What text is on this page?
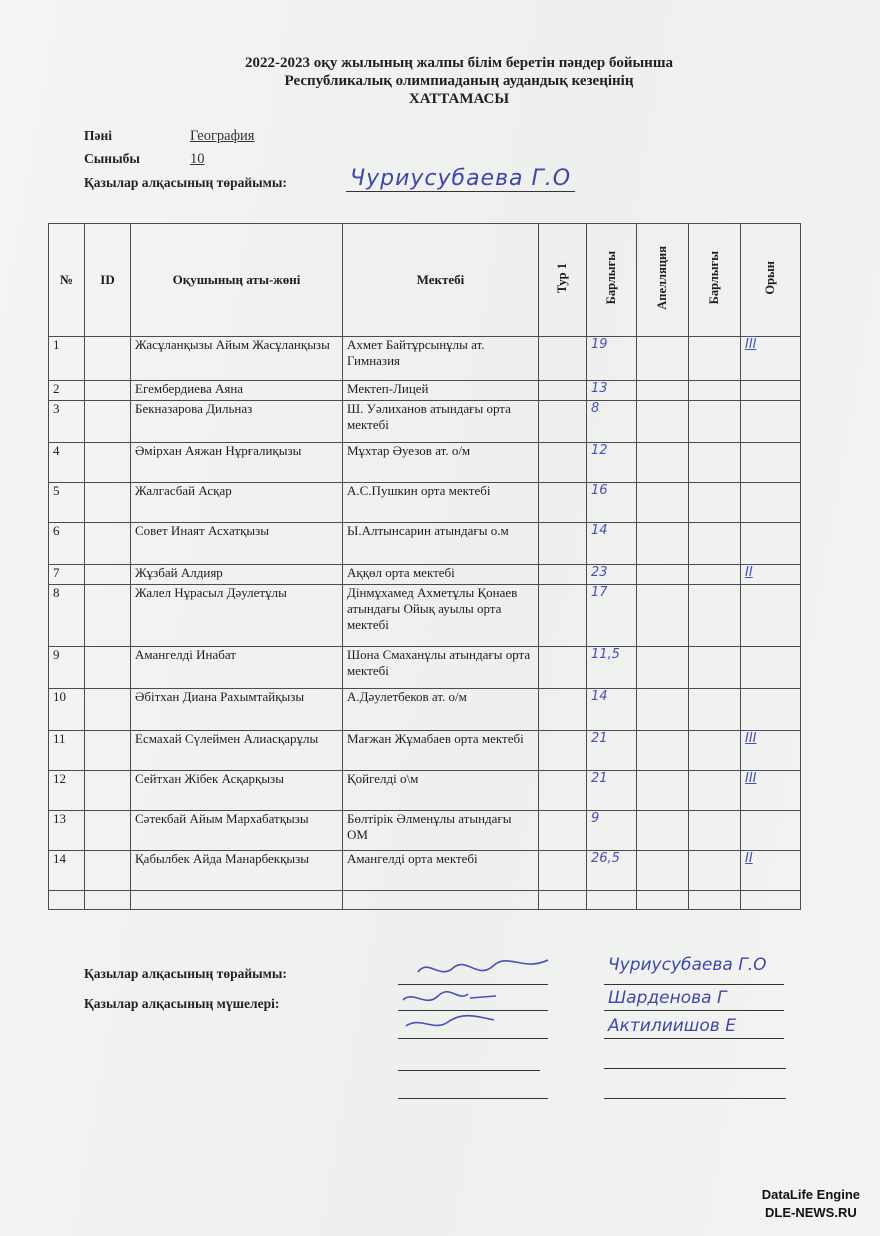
2022-2023 оқу жылының жалпы білім беретін пәндер бойынша
Республикалық олимпиаданың аудандық кезеңінің
ХАТТАМАСЫ
Пәні	География
Сыныбы	10
Қазылар алқасының төрайымы:	Чуриусубаева Г.О
№	ID	Оқушының аты-жөні	Мектебі	Тур 1	Барлығы	Апелляция	Барлығы	Орын
1		Жасұланқызы Айым Жасұланқызы	Ахмет Байтұрсынұлы ат. Гимназия		19			III
2		Егембердиева Аяна	Мектеп-Лицей		13			
3		Бекназарова Дильназ	Ш. Уәлиханов атындағы орта мектебі		8			
4		Әмірхан Аяжан Нұрғалиқызы	Мұхтар Әуезов ат. о/м		12			
5		Жалгасбай Асқар	А.С.Пушкин орта мектебі		16			
6		Совет Инаят Асхатқызы	Ы.Алтынсарин атындағы о.м		14			
7		Жұзбай Алдияр	Аққөл орта мектебі		23			II
8		Жалел Нұрасыл Дәулетұлы	Дінмұхамед Ахметұлы Қонаев атындағы Ойық ауылы орта мектебі		17			
9		Амангелді Инабат	Шона Смаханұлы атындағы орта мектебі		11,5			
10		Әбітхан Диана Рахымтайқызы	А.Дәулетбеков ат. о/м		14			
11		Есмахай Сүлеймен Алиасқарұлы	Мағжан Жұмабаев орта мектебі		21			III
12		Сейтхан Жібек Асқарқызы	Қойгелді о\м		21			III
13		Сәтекбай Айым Мархабатқызы	Бөлтірік Әлменұлы атындағы ОМ		9			
14		Қабылбек Айда Манарбекқызы	Амангелді орта мектебі		26,5			II

Қазылар алқасының төрайымы:
Қазылар алқасының мүшелері:
Чуриусубаева Г.О
Шарденова Г
Актилиишов Е
DataLife Engine
DLE-NEWS.RU
